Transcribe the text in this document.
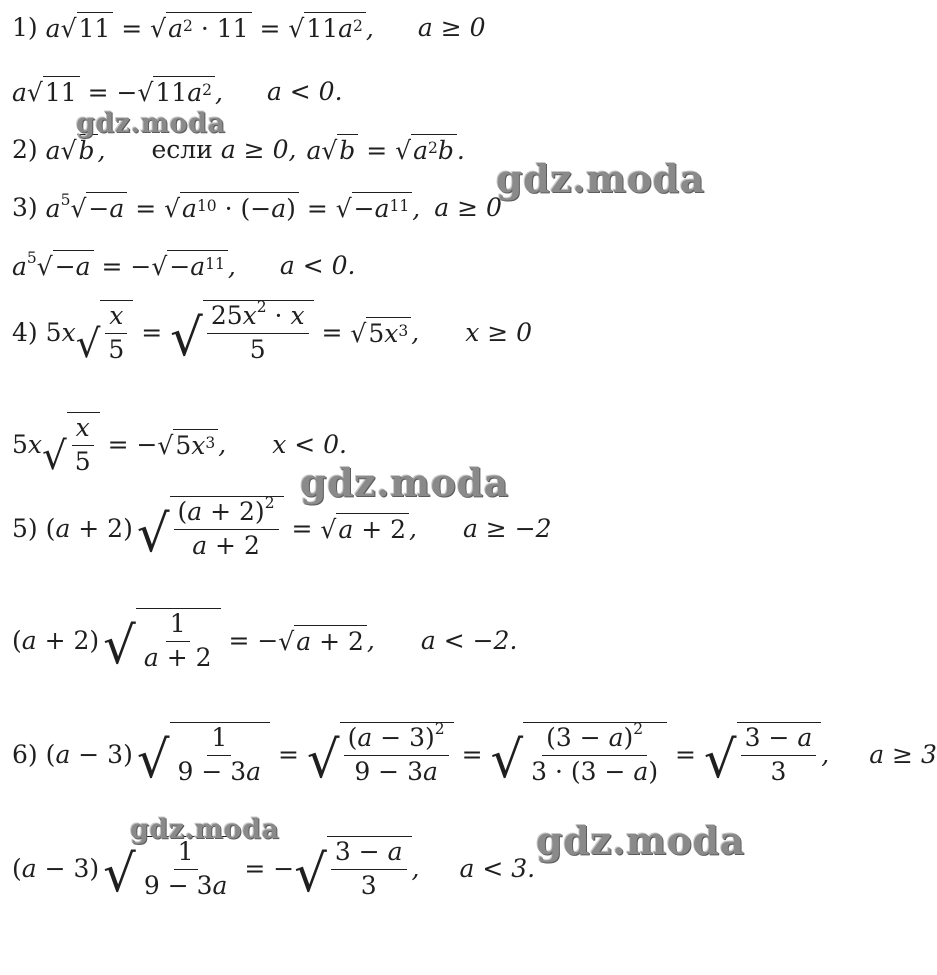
1) a √ 11 = √ $a^2 \cdot 11$ = √ 11 $a^2$ , a ≥ 0
a √ 11 = − √ 11 $a^2$ , a < 0.
2) a √ b , если a ≥ 0, a √ b = √ $a^2$ b .
3) $a^5$ √ −a = √ $a^{10}$ · ( −a ) = √ $-a^{11}$ , a ≥ 0
$a^5$ √ −a = − √ $-a^{11}$ , a < 0.
4) 5 x √ $\frac{x}{5}$ = √ $\frac{25x^2 \cdot x}{5}$ = √ 5 $x^3$ , x ≥ 0
5 x √ $\frac{x}{5}$ = − √ 5 $x^3$ , x < 0.
5) ( a + 2) √ $\frac{(a + 2)^2}{a + 2}$ = √ a + 2 , a ≥ −2
( a + 2) √ $\frac{1}{a + 2}$ = − √ a + 2 , a < −2.
6) ( a − 3) √ $\frac{1}{9 - 3a}$ = √ $\frac{(a - 3)^2}{9 - 3a}$ = √ $\frac{(3 - a)^2}{3 \cdot (3 - a)}$ = √ $\frac{3 - a}{3}$ , a ≥ 3
( a − 3) √ $\frac{1}{9 - 3a}$ = − √ $\frac{3 - a}{3}$ , a < 3.
gdz.moda
gdz.moda
gdz.moda
gdz.moda	gdz.moda
